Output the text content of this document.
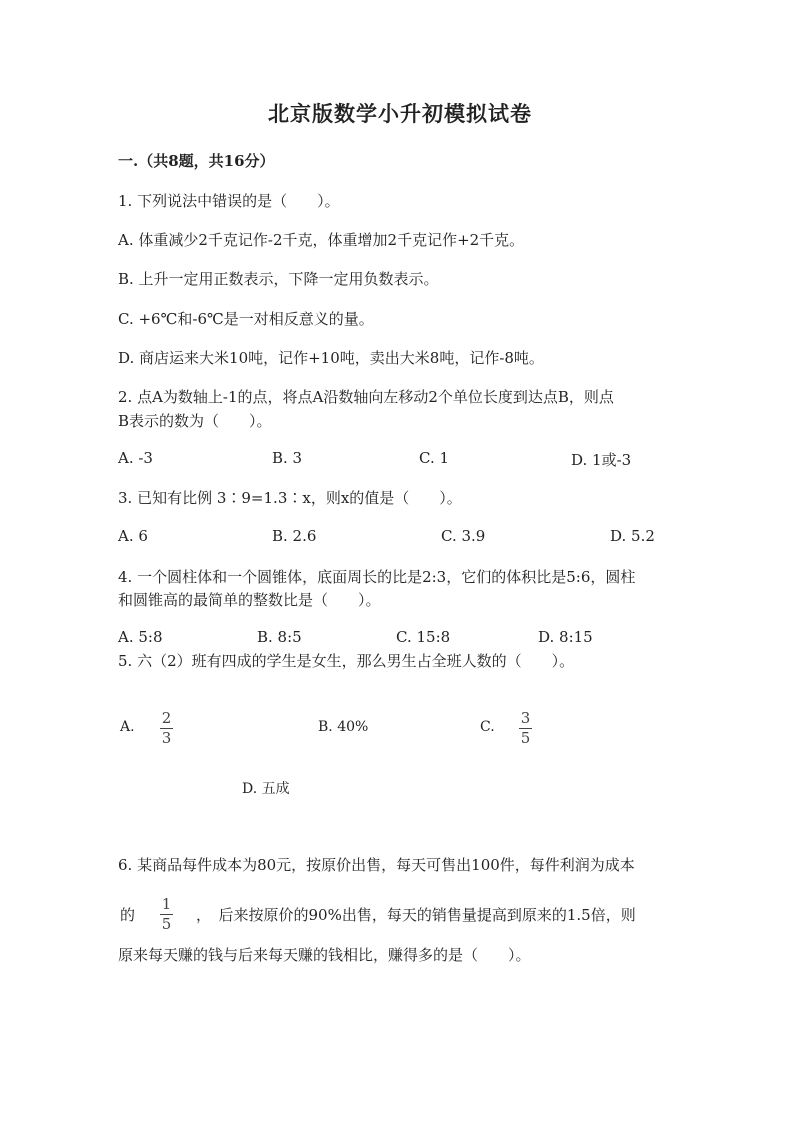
北京版数学小升初模拟试卷
一.（共8题，共16分）
1. 下列说法中错误的是（　　）。
A. 体重减少2千克记作-2千克，体重增加2千克记作+2千克。
B. 上升一定用正数表示，下降一定用负数表示。
C. +6℃和-6℃是一对相反意义的量。
D. 商店运来大米10吨，记作+10吨，卖出大米8吨，记作-8吨。
2. 点A为数轴上-1的点，将点A沿数轴向左移动2个单位长度到达点B，则点
B表示的数为（　　）。
A. -3	B. 3	C. 1	D. 1或-3
3. 已知有比例 3∶9=1.3∶x，则x的值是（　　）。
A. 6	B. 2.6	C. 3.9	D. 5.2
4. 一个圆柱体和一个圆锥体，底面周长的比是2:3，它们的体积比是5:6，圆柱
和圆锥高的最简单的整数比是（　　）。
A. 5:8	B. 8:5	C. 15:8	D. 8:15
5. 六（2）班有四成的学生是女生，那么男生占全班人数的（　　）。
A. 2
3
B. 40%	C. 3
5
D. 五成
6. 某商品每件成本为80元，按原价出售，每天可售出100件，每件利润为成本
的
1
5 ，　后来按原价的90%出售，每天的销售量提高到原来的1.5倍，则
原来每天赚的钱与后来每天赚的钱相比，赚得多的是（　　）。
